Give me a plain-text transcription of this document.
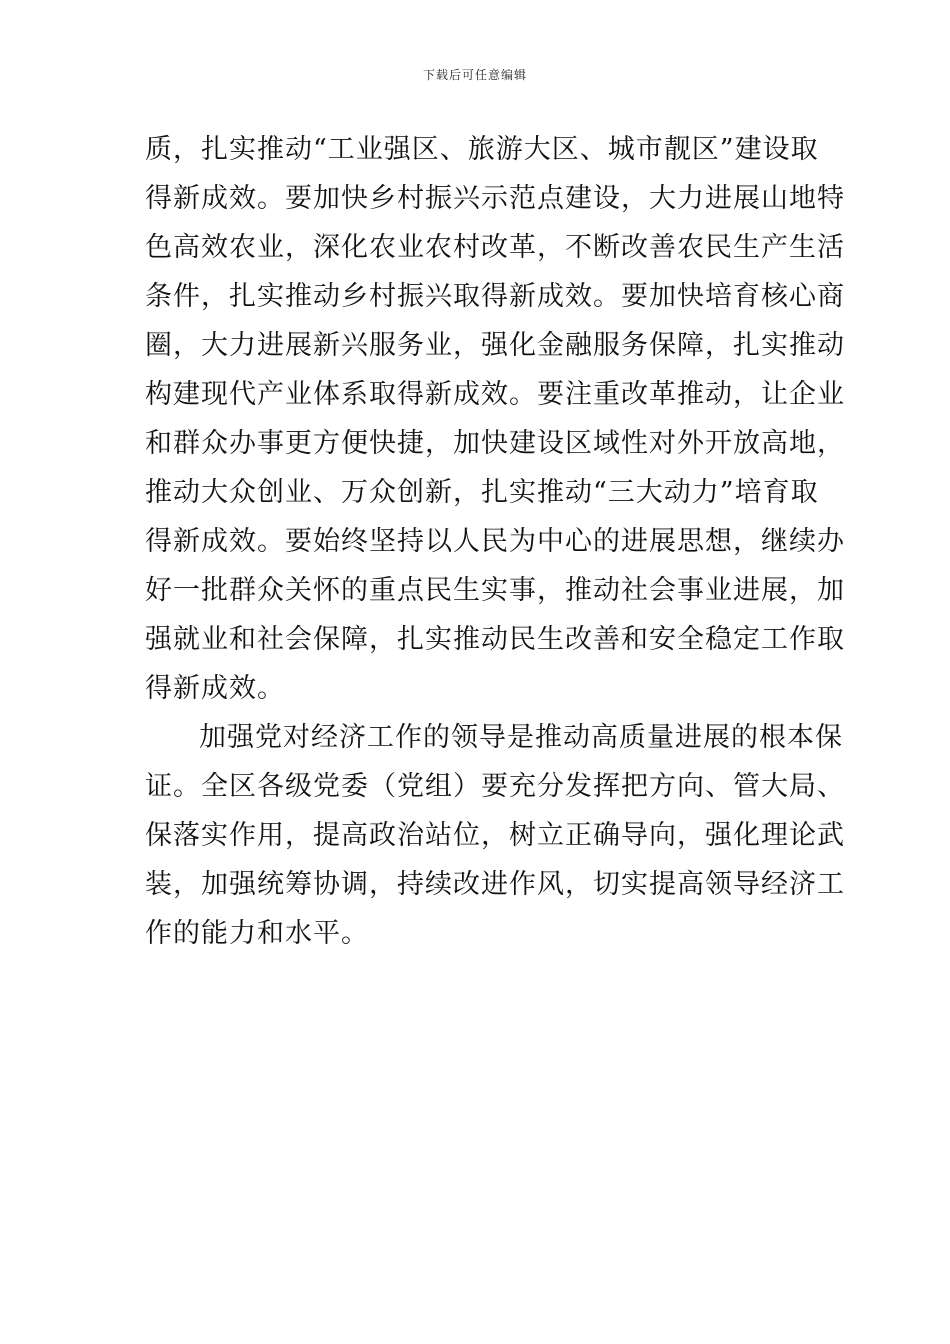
下载后可任意编辑
质，扎实推动“工业强区、旅游大区、城市靓区”建设取
得新成效。要加快乡村振兴示范点建设，大力进展山地特
色高效农业，深化农业农村改革，不断改善农民生产生活
条件，扎实推动乡村振兴取得新成效。要加快培育核心商
圈，大力进展新兴服务业，强化金融服务保障，扎实推动
构建现代产业体系取得新成效。要注重改革推动，让企业
和群众办事更方便快捷，加快建设区域性对外开放高地，
推动大众创业、万众创新，扎实推动“三大动力”培育取
得新成效。要始终坚持以人民为中心的进展思想，继续办
好一批群众关怀的重点民生实事，推动社会事业进展，加
强就业和社会保障，扎实推动民生改善和安全稳定工作取
得新成效。
加强党对经济工作的领导是推动高质量进展的根本保
证。全区各级党委（党组）要充分发挥把方向、管大局、
保落实作用，提高政治站位，树立正确导向，强化理论武
装，加强统筹协调，持续改进作风，切实提高领导经济工
作的能力和水平。
